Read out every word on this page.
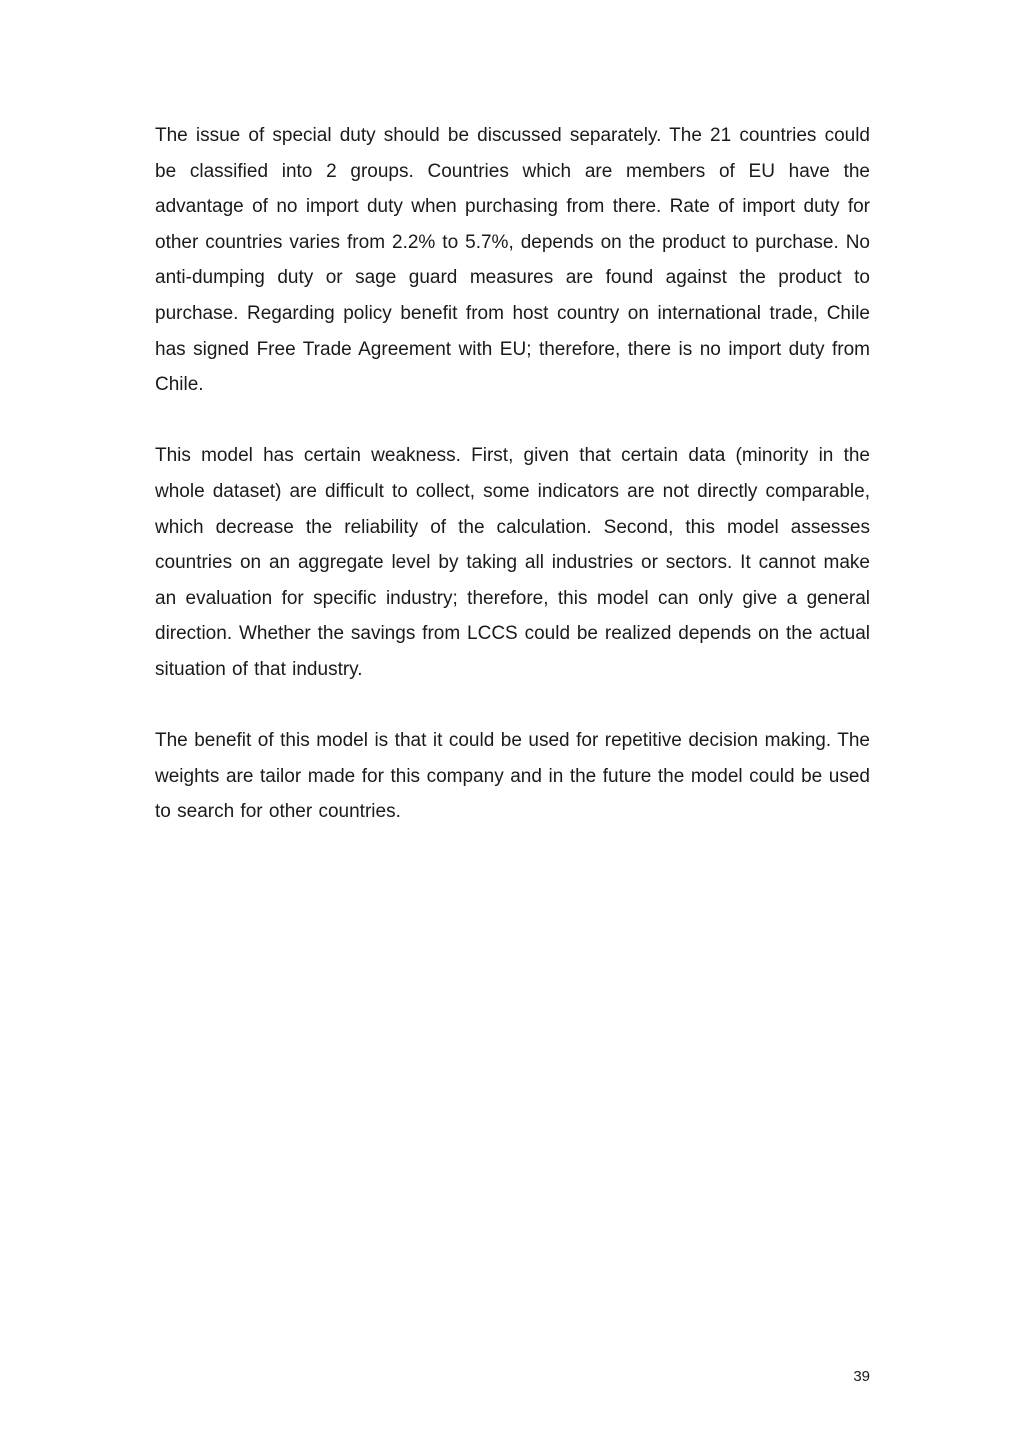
The issue of special duty should be discussed separately. The 21 countries could be classified into 2 groups. Countries which are members of EU have the advantage of no import duty when purchasing from there. Rate of import duty for other countries varies from 2.2% to 5.7%, depends on the product to purchase. No anti-dumping duty or sage guard measures are found against the product to purchase. Regarding policy benefit from host country on international trade, Chile has signed Free Trade Agreement with EU; therefore, there is no import duty from Chile.

This model has certain weakness. First, given that certain data (minority in the whole dataset) are difficult to collect, some indicators are not directly comparable, which decrease the reliability of the calculation. Second, this model assesses countries on an aggregate level by taking all industries or sectors. It cannot make an evaluation for specific industry; therefore, this model can only give a general direction. Whether the savings from LCCS could be realized depends on the actual situation of that industry.

The benefit of this model is that it could be used for repetitive decision making. The weights are tailor made for this company and in the future the model could be used to search for other countries.

39
